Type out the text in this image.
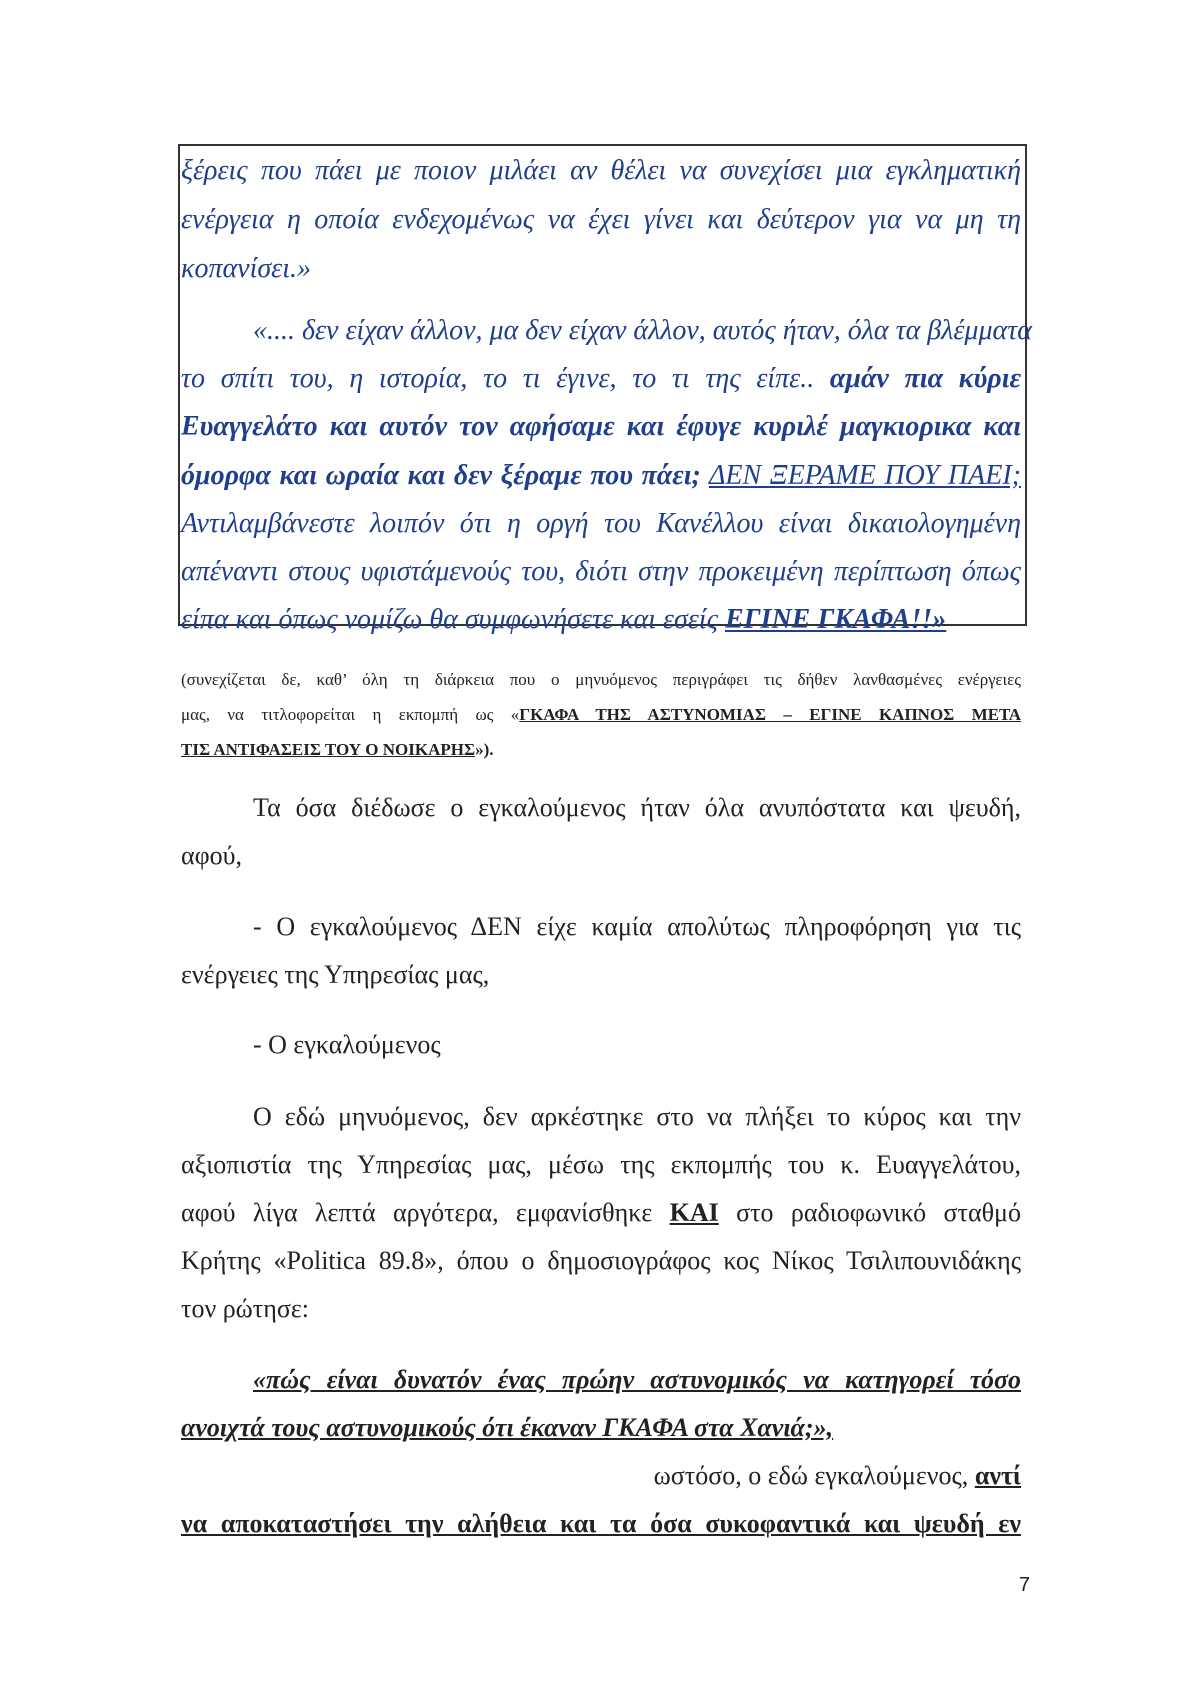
ξέρεις που πάει με ποιον μιλάει αν θέλει να συνεχίσει μια εγκληματική

ενέργεια η οποία ενδεχομένως να έχει γίνει και δεύτερον για να μη τη

κοπανίσει.»

«.... δεν είχαν άλλον, μα δεν είχαν άλλον, αυτός ήταν, όλα τα βλέμματα

το σπίτι του, η ιστορία, το τι έγινε, το τι της είπε.. αμάν πια κύριε

Ευαγγελάτο και αυτόν τον αφήσαμε και έφυγε κυριλέ μαγκιορικα και

όμορφα και ωραία και δεν ξέραμε που πάει; ΔΕΝ ΞΕΡΑΜΕ ΠΟΥ ΠΑΕΙ;

Αντιλαμβάνεστε λοιπόν ότι η οργή του Κανέλλου είναι δικαιολογημένη

απέναντι στους υφιστάμενούς του, διότι στην προκειμένη περίπτωση όπως

είπα και όπως νομίζω θα συμφωνήσετε και εσείς ΕΓΙΝΕ ΓΚΑΦΑ!!»

(συνεχίζεται δε, καθ’ όλη τη διάρκεια που ο μηνυόμενος περιγράφει τις δήθεν λανθασμένες ενέργειες

μας, να τιτλοφορείται η εκπομπή ως «ΓΚΑΦΑ ΤΗΣ ΑΣΤΥΝΟΜΙΑΣ – ΕΓΙΝΕ ΚΑΠΝΟΣ ΜΕΤΑ

ΤΙΣ ΑΝΤΙΦΑΣΕΙΣ ΤΟΥ Ο ΝΟΙΚΑΡΗΣ»).

Τα όσα διέδωσε ο εγκαλούμενος ήταν όλα ανυπόστατα και ψευδή,

αφού,

- Ο εγκαλούμενος ΔΕΝ είχε καμία απολύτως πληροφόρηση για τις

ενέργειες της Υπηρεσίας μας,

- Ο εγκαλούμενος

Ο εδώ μηνυόμενος, δεν αρκέστηκε στο να πλήξει το κύρος και την

αξιοπιστία της Υπηρεσίας μας, μέσω της εκπομπής του κ. Ευαγγελάτου,

αφού λίγα λεπτά αργότερα, εμφανίσθηκε ΚΑΙ στο ραδιοφωνικό σταθμό

Κρήτης «Politica 89.8», όπου ο δημοσιογράφος κος Νίκος Τσιλιπουνιδάκης

τον ρώτησε:

«πώς είναι δυνατόν ένας πρώην αστυνομικός να κατηγορεί τόσο

ανοιχτά τους αστυνομικούς ότι έκαναν ΓΚΑΦΑ στα Χανιά;»,

ωστόσο, ο εδώ εγκαλούμενος, αντί

να αποκαταστήσει την αλήθεια και τα όσα συκοφαντικά και ψευδή εν

7
